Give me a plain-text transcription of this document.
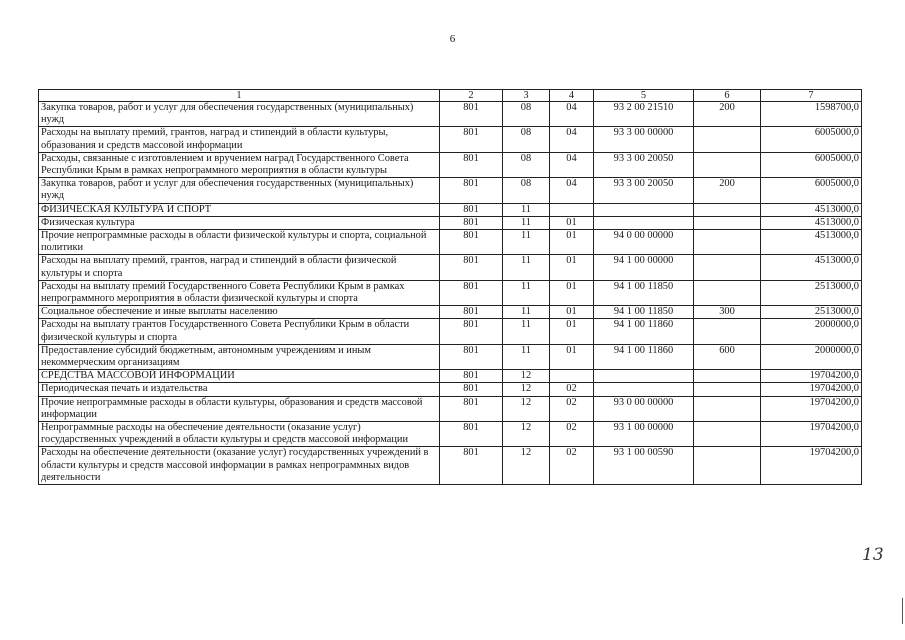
6
1	2	3	4	5	6	7
Закупка товаров, работ и услуг для обеспечения государственных (муниципальных) нужд	801	08	04	93 2 00 21510	200	1598700,0
Расходы на выплату премий, грантов, наград и стипендий в области культуры, образования и средств массовой информации	801	08	04	93 3 00 00000		6005000,0
Расходы, связанные с изготовлением и вручением наград Государственного Совета Республики Крым в рамках непрограммного мероприятия в области культуры	801	08	04	93 3 00 20050		6005000,0
Закупка товаров, работ и услуг для обеспечения государственных (муниципальных) нужд	801	08	04	93 3 00 20050	200	6005000,0
ФИЗИЧЕСКАЯ КУЛЬТУРА И СПОРТ	801	11				4513000,0
Физическая культура	801	11	01			4513000,0
Прочие непрограммные расходы в области физической культуры и спорта, социальной политики	801	11	01	94 0 00 00000		4513000,0
Расходы на выплату премий, грантов, наград и стипендий в области физической культуры и спорта	801	11	01	94 1 00 00000		4513000,0
Расходы на выплату премий Государственного Совета Республики Крым в рамках непрограммного мероприятия в области физической культуры и спорта	801	11	01	94 1 00 11850		2513000,0
Социальное обеспечение и иные выплаты населению	801	11	01	94 1 00 11850	300	2513000,0
Расходы на выплату грантов Государственного Совета Республики Крым в области физической культуры и спорта	801	11	01	94 1 00 11860		2000000,0
Предоставление субсидий бюджетным, автономным учреждениям и иным некоммерческим организациям	801	11	01	94 1 00 11860	600	2000000,0
СРЕДСТВА МАССОВОЙ ИНФОРМАЦИИ	801	12				19704200,0
Периодическая печать и издательства	801	12	02			19704200,0
Прочие непрограммные расходы в области культуры, образования и средств массовой информации	801	12	02	93 0 00 00000		19704200,0
Непрограммные расходы на обеспечение деятельности (оказание услуг) государственных учреждений в области культуры и средств массовой информации	801	12	02	93 1 00 00000		19704200,0
Расходы на обеспечение деятельности (оказание услуг) государственных учреждений в области культуры и средств массовой информации в рамках непрограммных видов деятельности	801	12	02	93 1 00 00590		19704200,0
13
